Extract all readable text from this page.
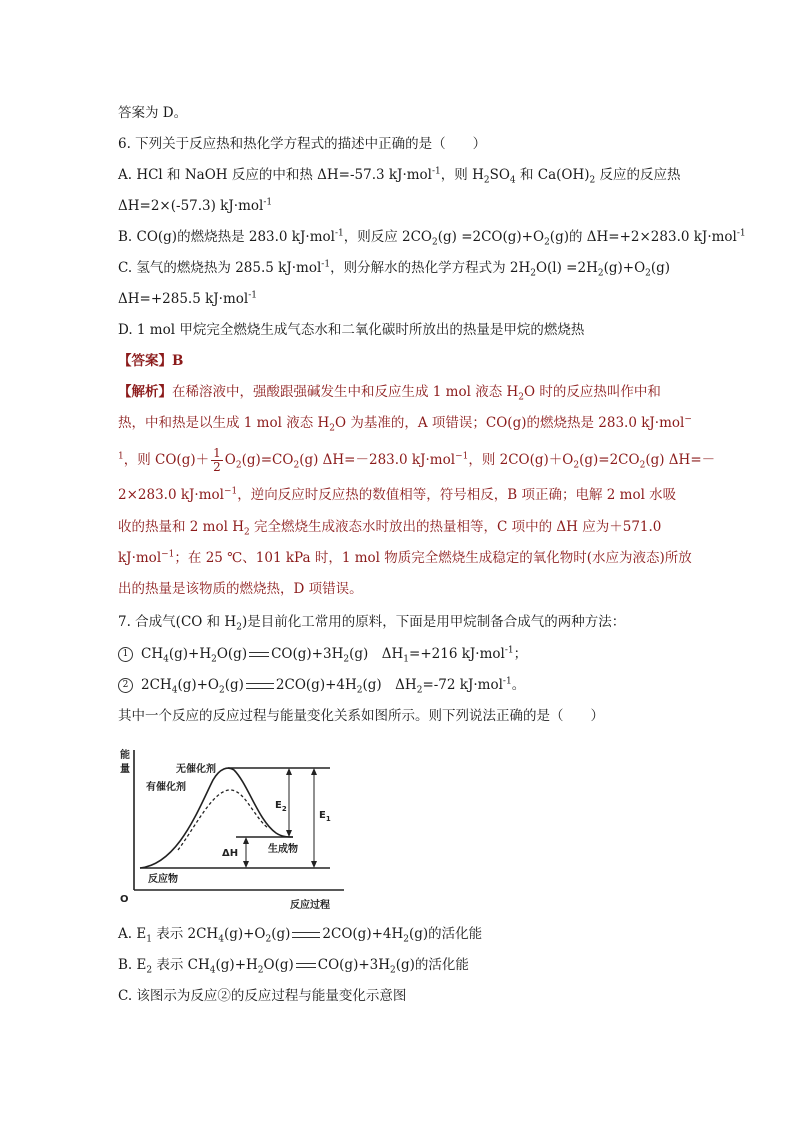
答案为 D。
6. 下列关于反应热和热化学方程式的描述中正确的是（　　）
A. HCl 和 NaOH 反应的中和热 ΔH=-57.3 kJ·mol$^{-1}$，则 $H_2SO_4$ 和 $Ca(OH)_2$ 反应的反应热
ΔH=2×(-57.3) kJ·mol$^{-1}$
B. CO(g)的燃烧热是 283.0 kJ·mol$^{-1}$，则反应 $2CO_2(g) =2CO(g)+O_2(g)$的 ΔH=+2×283.0 kJ·mol$^{-1}$
C. 氢气的燃烧热为 285.5 kJ·mol$^{-1}$，则分解水的热化学方程式为 $2H_2O(l) =2H_2(g)+O_2(g)$
ΔH=+285.5 kJ·mol$^{-1}$
D. 1 mol 甲烷完全燃烧生成气态水和二氧化碳时所放出的热量是甲烷的燃烧热
【答案】B
【解析】在稀溶液中，强酸跟强碱发生中和反应生成 1 mol 液态 $H_2O$ 时的反应热叫作中和
热，中和热是以生成 1 mol 液态 $H_2O$ 为基准的，A 项错误；CO(g)的燃烧热是 283.0 kJ·mol−
$^1$，则 $CO(g)+ \frac{1}{2} O_2(g)=CO_2(g)$ ΔH=－283.0 kJ·mol$^{-1}$，则 $2CO(g)+O_2(g)=2CO_2(g)$ ΔH=－
2×283.0 kJ·mol$^{-1}$，逆向反应时反应热的数值相等，符号相反，B 项正确；电解 2 mol 水吸
收的热量和 2 mol $H_2$ 完全燃烧生成液态水时放出的热量相等，C 项中的 ΔH 应为＋571.0
kJ·mol$^{-1}$；在 25 ℃、101 kPa 时，1 mol 物质完全燃烧生成稳定的氧化物时(水应为液态)所放
出的热量是该物质的燃烧热，D 项错误。
7. 合成气(CO 和 $H_2$)是目前化工常用的原料，下面是用甲烷制备合成气的两种方法：
1 $CH_4(g)+H_2O(g)$ $CO(g)+3H_2(g)$　$\Delta H_1=+216$ kJ·mol$^{-1}$；
2 $2CH_4(g)+O_2(g)$ $2CO(g)+4H_2(g)$　$\Delta H_2=-72$ kJ·mol$^{-1}$。
其中一个反应的反应过程与能量变化关系如图所示。则下列说法正确的是（　　）
能
量
O
反应过程
反应物
生成物
无催化剂
有催化剂
$E_2$
$E_1$
ΔH
A. $E_1$ 表示 $2CH_4(g)+O_2(g)$ $2CO(g)+4H_2(g)$的活化能
B. $E_2$ 表示 $CH_4(g)+H_2O(g)$ $CO(g)+3H_2(g)$的活化能
C. 该图示为反应②的反应过程与能量变化示意图
